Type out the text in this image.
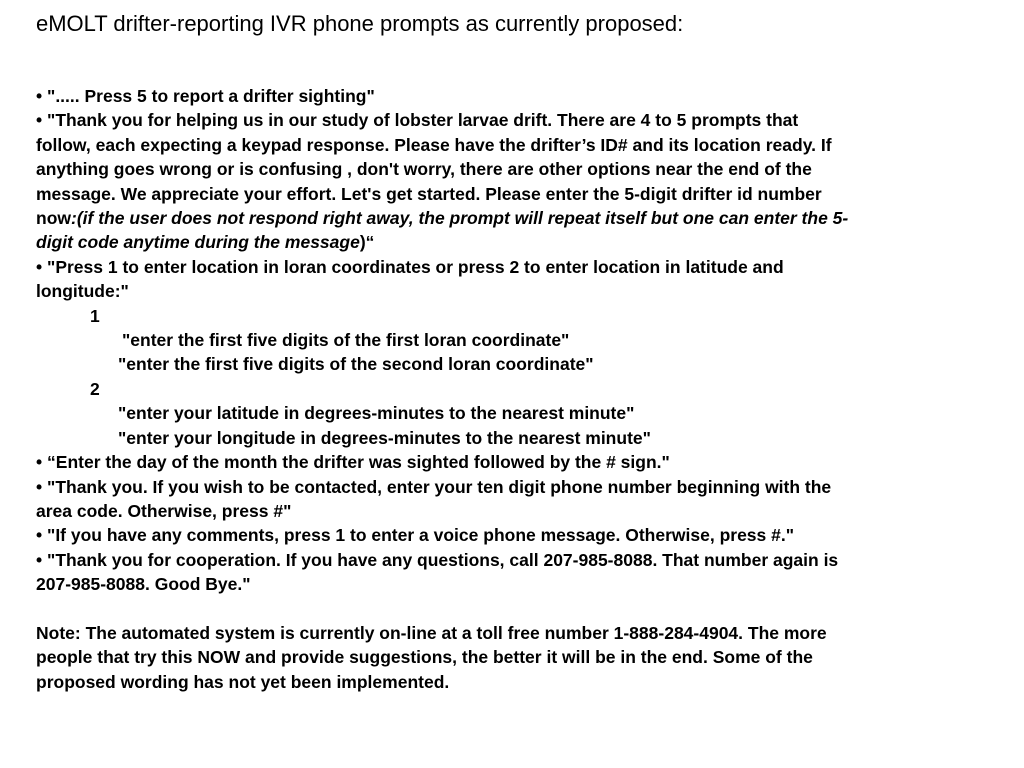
eMOLT drifter-reporting IVR phone prompts as currently proposed:
• "..... Press 5 to report a drifter sighting"
• "Thank you for helping us in our study of lobster larvae drift. There are 4 to 5 prompts that
follow, each expecting a keypad response. Please have the drifter’s ID# and its location ready. If
anything goes wrong or is confusing , don't worry, there are other options near the end of the
message. We appreciate your effort. Let's get started. Please enter the 5-digit drifter id number
now:(if the user does not respond right away, the prompt will repeat itself but one can enter the 5-
digit code anytime during the message)“
• "Press 1 to enter location in loran coordinates or press 2 to enter location in latitude and
longitude:"
1
"enter the first five digits of the first loran coordinate"
"enter the first five digits of the second loran coordinate"
2
"enter your latitude in degrees-minutes to the nearest minute"
"enter your longitude in degrees-minutes to the nearest minute"
• “Enter the day of the month the drifter was sighted followed by the # sign."
• "Thank you. If you wish to be contacted, enter your ten digit phone number beginning with the
area code. Otherwise, press #"
• "If you have any comments, press 1 to enter a voice phone message. Otherwise, press #."
• "Thank you for cooperation. If you have any questions, call 207-985-8088. That number again is
207-985-8088. Good Bye."
Note: The automated system is currently on-line at a toll free number 1-888-284-4904. The more
people that try this NOW and provide suggestions, the better it will be in the end. Some of the
proposed wording has not yet been implemented.
